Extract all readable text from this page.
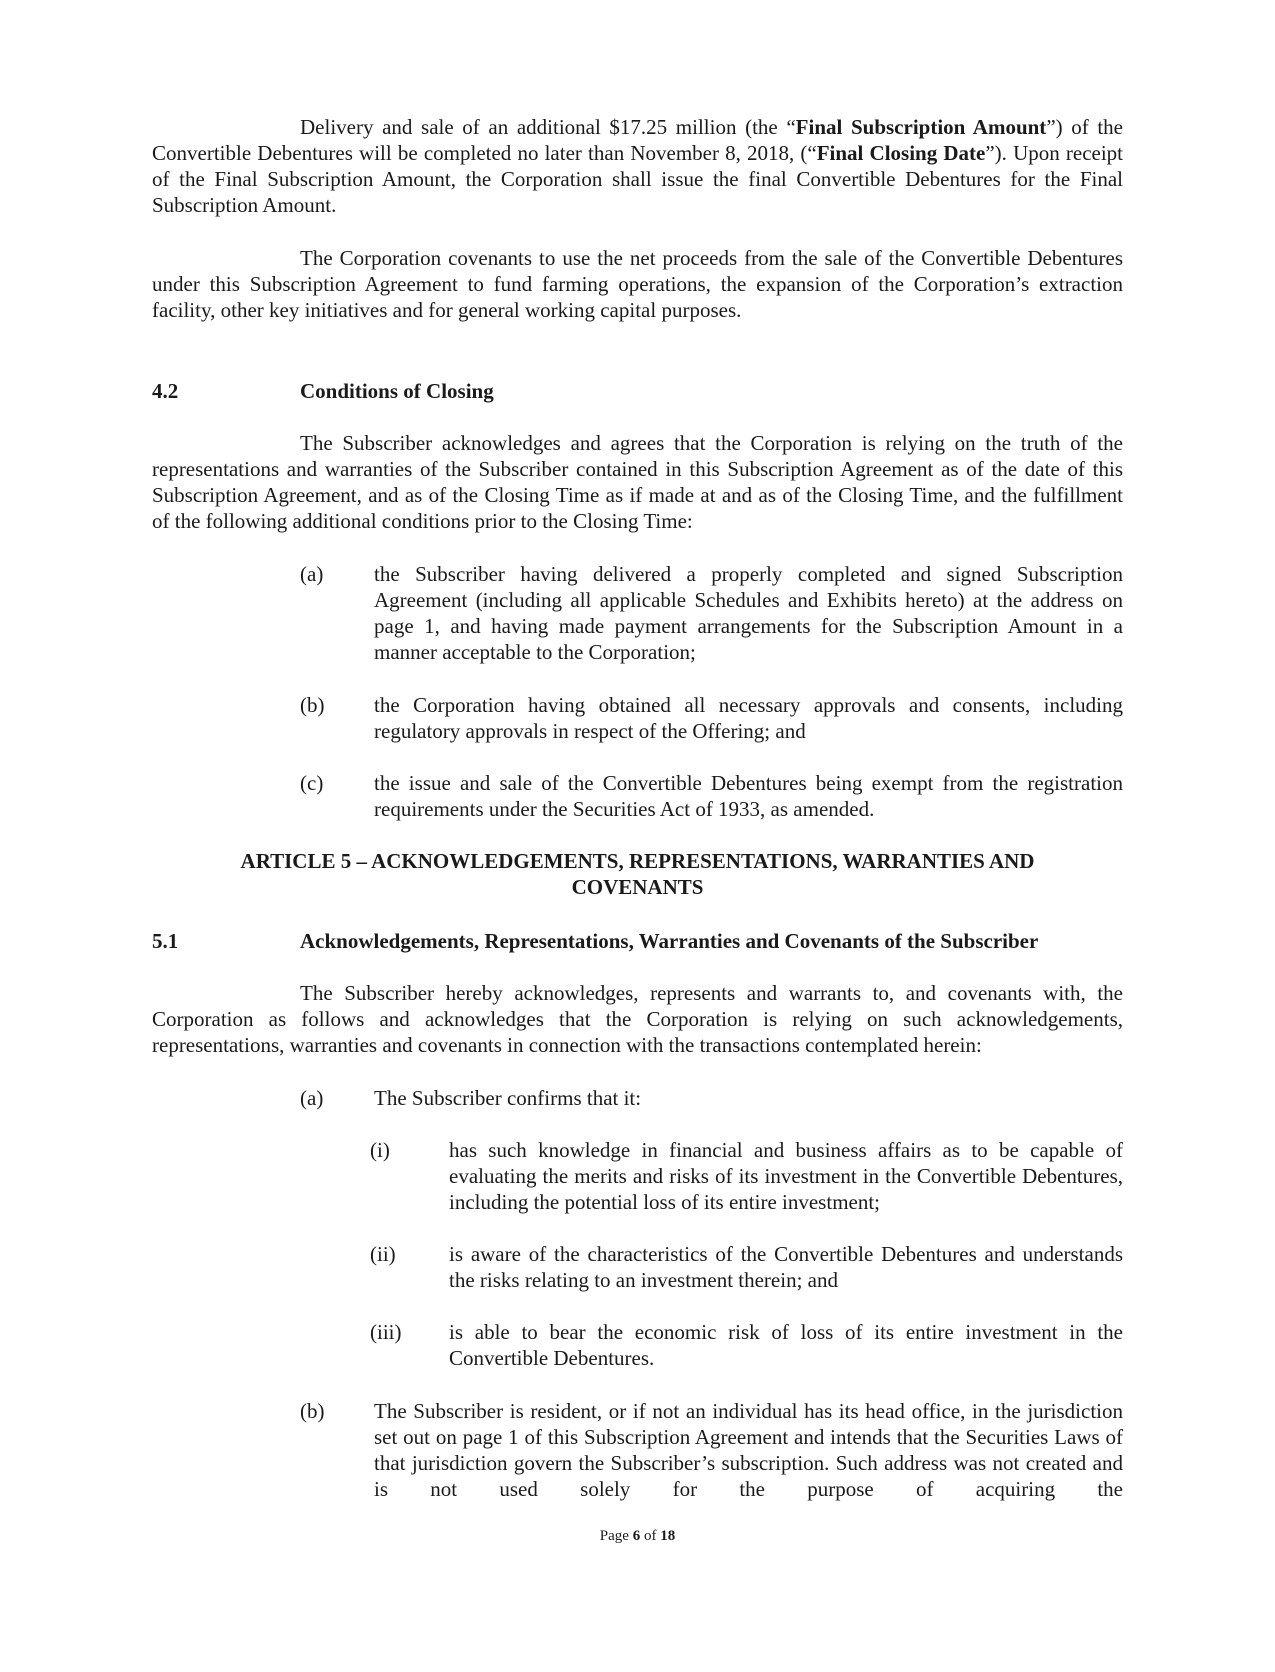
Delivery and sale of an additional $17.25 million (the “Final Subscription Amount”) of the Convertible Debentures will be completed no later than November 8, 2018, (“Final Closing Date”). Upon receipt of the Final Subscription Amount, the Corporation shall issue the final Convertible Debentures for the Final Subscription Amount.
The Corporation covenants to use the net proceeds from the sale of the Convertible Debentures under this Subscription Agreement to fund farming operations, the expansion of the Corporation’s extraction facility, other key initiatives and for general working capital purposes.
4.2	Conditions of Closing
The Subscriber acknowledges and agrees that the Corporation is relying on the truth of the representations and warranties of the Subscriber contained in this Subscription Agreement as of the date of this Subscription Agreement, and as of the Closing Time as if made at and as of the Closing Time, and the fulfillment of the following additional conditions prior to the Closing Time:
(a) the Subscriber having delivered a properly completed and signed Subscription Agreement (including all applicable Schedules and Exhibits hereto) at the address on page 1, and having made payment arrangements for the Subscription Amount in a manner acceptable to the Corporation;
(b) the Corporation having obtained all necessary approvals and consents, including regulatory approvals in respect of the Offering; and
(c) the issue and sale of the Convertible Debentures being exempt from the registration requirements under the Securities Act of 1933, as amended.
ARTICLE 5 – ACKNOWLEDGEMENTS, REPRESENTATIONS, WARRANTIES AND
COVENANTS
5.1	Acknowledgements, Representations, Warranties and Covenants of the Subscriber
The Subscriber hereby acknowledges, represents and warrants to, and covenants with, the Corporation as follows and acknowledges that the Corporation is relying on such acknowledgements, representations, warranties and covenants in connection with the transactions contemplated herein:
(a) The Subscriber confirms that it:
(i)	has such knowledge in financial and business affairs as to be capable of evaluating the merits and risks of its investment in the Convertible Debentures, including the potential loss of its entire investment;
(ii)	is aware of the characteristics of the Convertible Debentures and understands the risks relating to an investment therein; and
(iii) is able to bear the economic risk of loss of its entire investment in the Convertible Debentures.
(b) The Subscriber is resident, or if not an individual has its head office, in the jurisdiction set out on page 1 of this Subscription Agreement and intends that the Securities Laws of that jurisdiction govern the Subscriber’s subscription. Such address was not created and is not used solely for the purpose of acquiring the
Page 6 of 18
